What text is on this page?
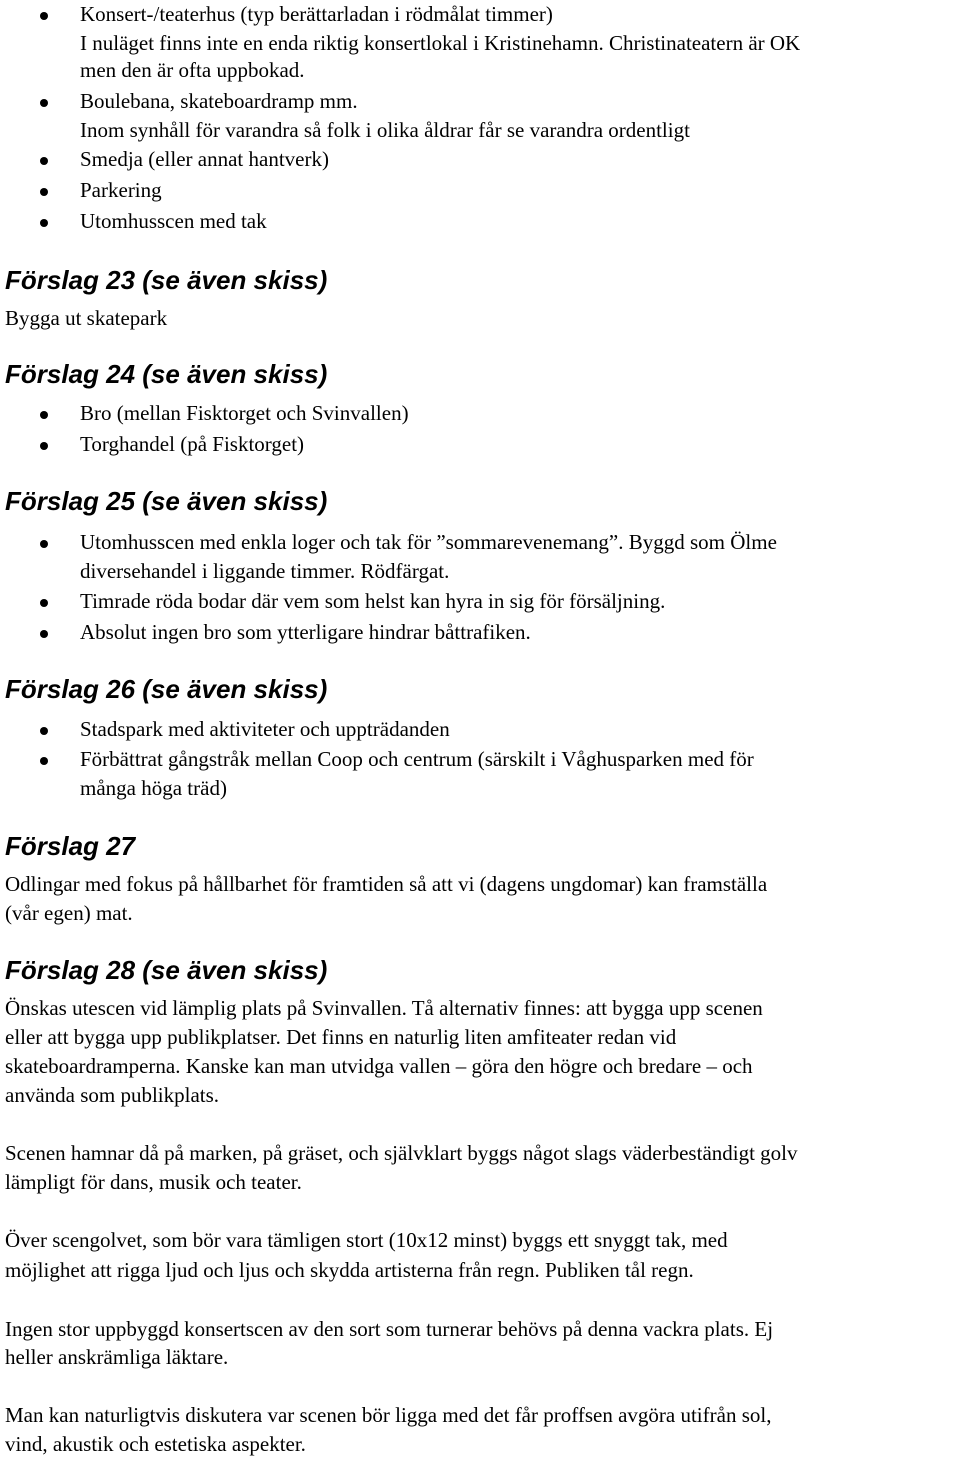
Konsert-/teaterhus (typ berättarladan i rödmålat timmer)
I nuläget finns inte en enda riktig konsertlokal i Kristinehamn. Christinateatern är OK
men den är ofta uppbokad.
Boulebana, skateboardramp mm.
Inom synhåll för varandra så folk i olika åldrar får se varandra ordentligt
Smedja (eller annat hantverk)
Parkering
Utomhusscen med tak
Förslag 23 (se även skiss)
Bygga ut skatepark
Förslag 24 (se även skiss)
Bro (mellan Fisktorget och Svinvallen)
Torghandel (på Fisktorget)
Förslag 25 (se även skiss)
Utomhusscen med enkla loger och tak för ”sommarevenemang”. Byggd som Ölme
diversehandel i liggande timmer. Rödfärgat.
Timrade röda bodar där vem som helst kan hyra in sig för försäljning.
Absolut ingen bro som ytterligare hindrar båttrafiken.
Förslag 26 (se även skiss)
Stadspark med aktiviteter och uppträdanden
Förbättrat gångstråk mellan Coop och centrum (särskilt i Våghusparken med för
många höga träd)
Förslag 27
Odlingar med fokus på hållbarhet för framtiden så att vi (dagens ungdomar) kan framställa
(vår egen) mat.
Förslag 28 (se även skiss)
Önskas utescen vid lämplig plats på Svinvallen. Tå alternativ finnes: att bygga upp scenen
eller att bygga upp publikplatser. Det finns en naturlig liten amfiteater redan vid
skateboardramperna. Kanske kan man utvidga vallen – göra den högre och bredare – och
använda som publikplats.
Scenen hamnar då på marken, på gräset, och självklart byggs något slags väderbeständigt golv
lämpligt för dans, musik och teater.
Över scengolvet, som bör vara tämligen stort (10x12 minst) byggs ett snyggt tak, med
möjlighet att rigga ljud och ljus och skydda artisterna från regn. Publiken tål regn.
Ingen stor uppbyggd konsertscen av den sort som turnerar behövs på denna vackra plats. Ej
heller anskrämliga läktare.
Man kan naturligtvis diskutera var scenen bör ligga med det får proffsen avgöra utifrån sol,
vind, akustik och estetiska aspekter.
